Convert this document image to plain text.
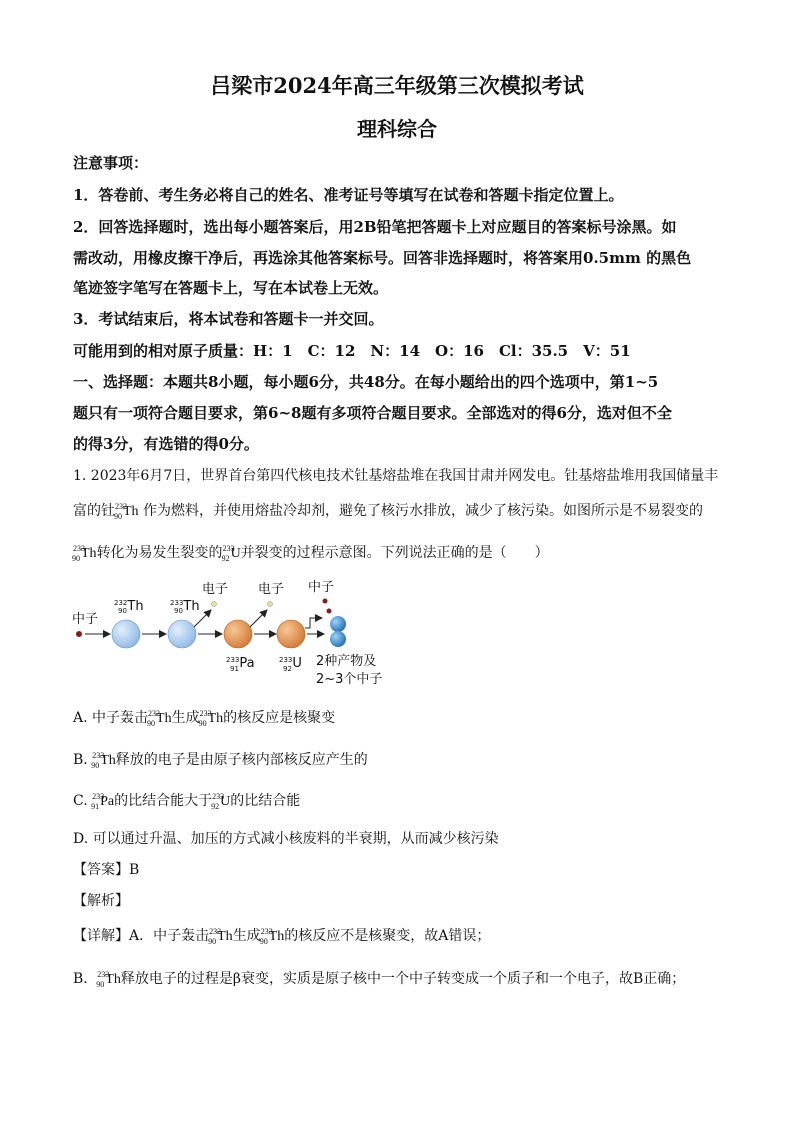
吕梁市2024年高三年级第三次模拟考试
理科综合
注意事项：
1．答卷前、考生务必将自己的姓名、准考证号等填写在试卷和答题卡指定位置上。
2．回答选择题时，选出每小题答案后，用2B铅笔把答题卡上对应题目的答案标号涂黑。如
需改动，用橡皮擦干净后，再选涂其他答案标号。回答非选择题时，将答案用0.5mm 的黑色
笔迹签字笔写在答题卡上，写在本试卷上无效。
3．考试结束后，将本试卷和答题卡一并交回。
可能用到的相对原子质量：H：1　C：12　N：14　O：16　Cl：35.5　V：51
一、选择题：本题共8小题，每小题6分，共48分。在每小题给出的四个选项中，第1~5
题只有一项符合题目要求，第6~8题有多项符合题目要求。全部选对的得6分，选对但不全
的得3分，有选错的得0分。
1. 2023年6月7日，世界首台第四代核电技术钍基熔盐堆在我国甘肃并网发电。钍基熔盐堆用我国储量丰
富的钍$^{232}_{90}$Th 作为燃料，并使用熔盐冷却剂，避免了核污水排放，减少了核污染。如图所示是不易裂变的
$^{233}_{90}$Th转化为易发生裂变的$^{233}_{92}$U并裂变的过程示意图。下列说法正确的是（　　）
中子
$^{232}$Th
90
$^{233}$Th
90
电子
$^{233}$Pa
91
电子
$^{233}$U
92
中子
2种产物及
2~3个中子
A. 中子轰击$^{232}_{90}$Th生成$^{233}_{90}$Th的核反应是核聚变
B. $^{233}_{90}$Th释放的电子是由原子核内部核反应产生的
C. $^{233}_{91}$Pa的比结合能大于$^{233}_{92}$U的比结合能
D. 可以通过升温、加压的方式减小核废料的半衰期，从而减少核污染
【答案】B
【解析】
【详解】A．中子轰击$^{232}_{90}$Th生成$^{233}_{90}$Th的核反应不是核聚变，故A错误；
B．$^{233}_{90}$Th释放电子的过程是β衰变，实质是原子核中一个中子转变成一个质子和一个电子，故B正确；
